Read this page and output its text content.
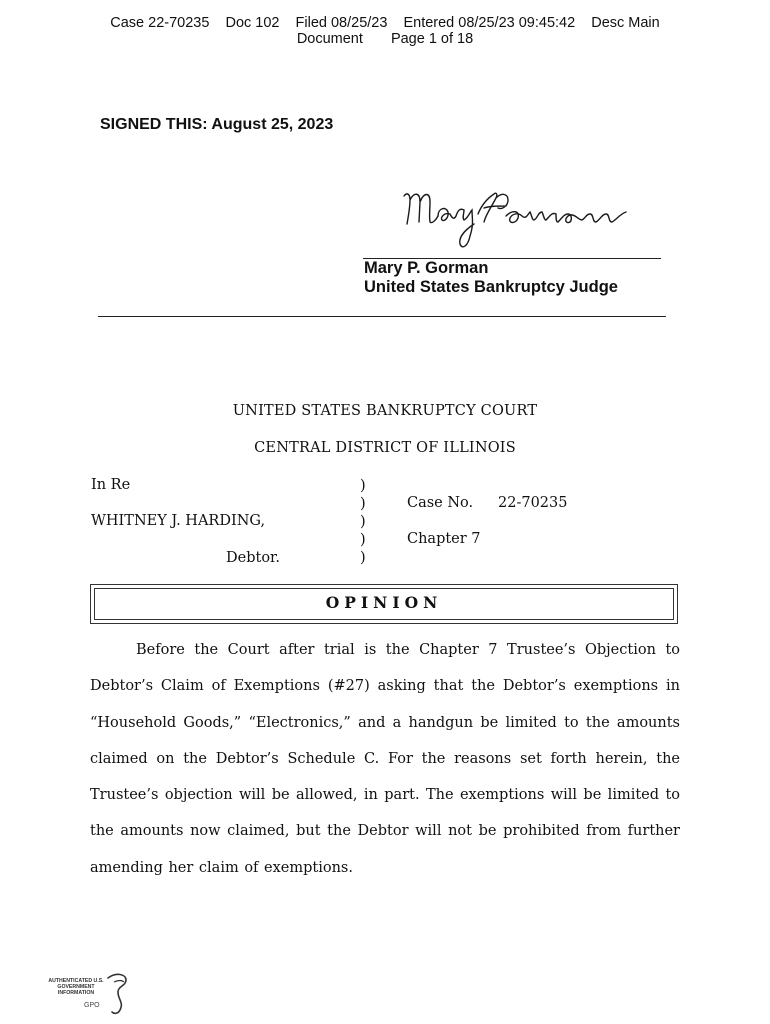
Case 22-70235 Doc 102 Filed 08/25/23 Entered 08/25/23 09:45:42 Desc Main
Document Page 1 of 18
SIGNED THIS: August 25, 2023
Mary P. Gorman
United States Bankruptcy Judge
UNITED STATES BANKRUPTCY COURT
CENTRAL DISTRICT OF ILLINOIS
In Re
WHITNEY J. HARDING,
Debtor.
)
)
)
)
)
Case No. 22-70235
Chapter 7
OPINION
Before the Court after trial is the Chapter 7 Trustee’s Objection to Debtor’s Claim of Exemptions (#27) asking that the Debtor’s exemptions in “Household Goods,” “Electronics,” and a handgun be limited to the amounts claimed on the Debtor’s Schedule C. For the reasons set forth herein, the Trustee’s objection will be allowed, in part. The exemptions will be limited to the amounts now claimed, but the Debtor will not be prohibited from further amending her claim of exemptions.
AUTHENTICATED U.S. GOVERNMENT INFORMATION
GPO
